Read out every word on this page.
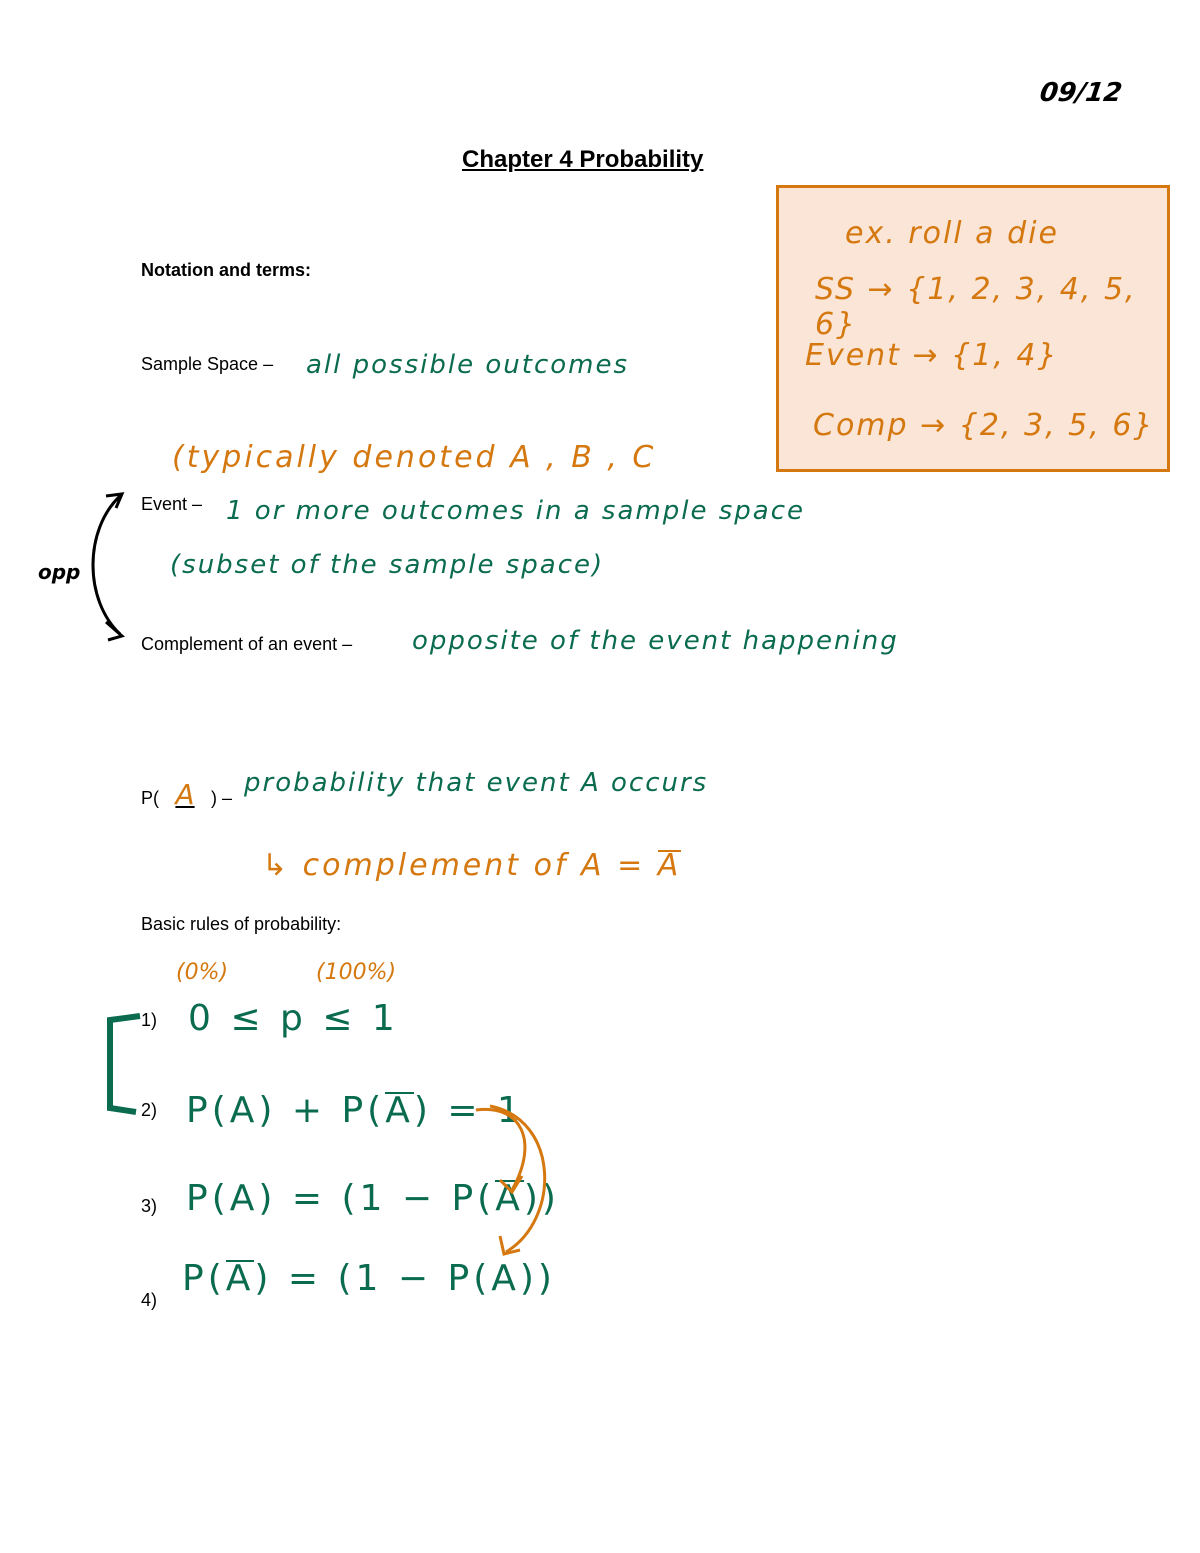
09/12
Chapter 4 Probability
ex. roll a die
SS → {1, 2, 3, 4, 5, 6}
Event → {1, 4}
Comp → {2, 3, 5, 6}
Notation and terms:
Sample Space – all possible outcomes
(typically denoted A , B , C
Event – 1 or more outcomes in a sample space
(subset of the sample space)
opp
Complement of an event – opposite of the event happening
P( A ) – probability that event A occurs
↳ complement of A = A
Basic rules of probability:
(0%)	(100%)
1) 0 ≤ p ≤ 1
2) P(A) + P(A) = 1
3) P(A) = (1 − P(A))
4)
P(A) = (1 − P(A))
